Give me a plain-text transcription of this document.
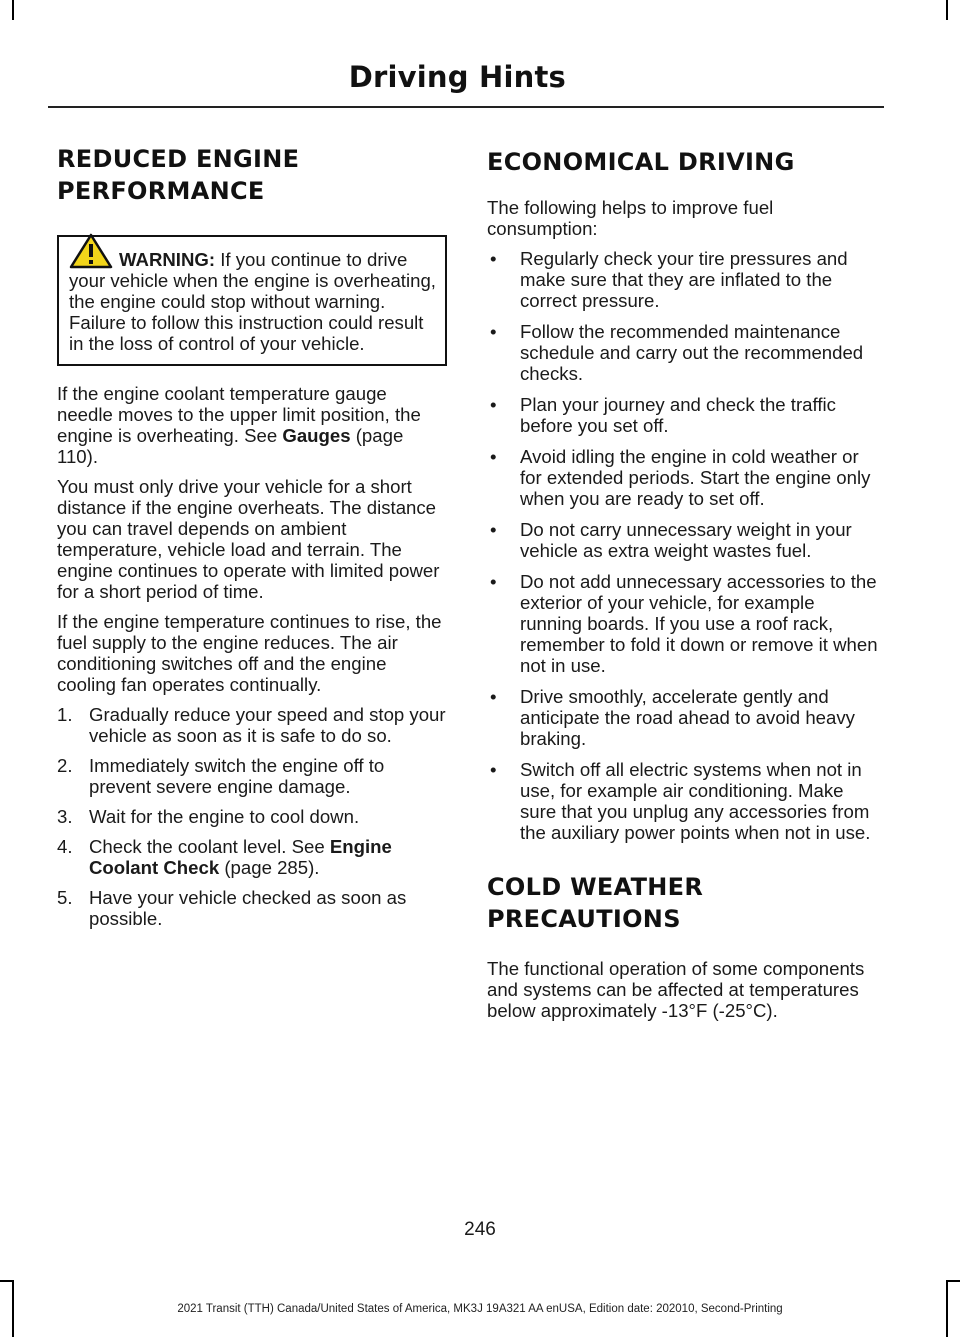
Driving Hints
REDUCED ENGINE
PERFORMANCE
WARNING: If you continue to drive your vehicle when the engine is overheating, the engine could stop without warning. Failure to follow this instruction could result in the loss of control of your vehicle.

If the engine coolant temperature gauge needle moves to the upper limit position, the engine is overheating. See Gauges (page 110).

You must only drive your vehicle for a short distance if the engine overheats. The distance you can travel depends on ambient temperature, vehicle load and terrain. The engine continues to operate with limited power for a short period of time.

If the engine temperature continues to rise, the fuel supply to the engine reduces. The air conditioning switches off and the engine cooling fan operates continually.

1. Gradually reduce your speed and stop your vehicle as soon as it is safe to do so.
2. Immediately switch the engine off to prevent severe engine damage.
3. Wait for the engine to cool down.
4. Check the coolant level. See Engine Coolant Check (page 285).
5. Have your vehicle checked as soon as possible.
ECONOMICAL DRIVING

The following helps to improve fuel consumption:

• Regularly check your tire pressures and make sure that they are inflated to the correct pressure.
• Follow the recommended maintenance schedule and carry out the recommended checks.
• Plan your journey and check the traffic before you set off.
• Avoid idling the engine in cold weather or for extended periods. Start the engine only when you are ready to set off.
• Do not carry unnecessary weight in your vehicle as extra weight wastes fuel.
• Do not add unnecessary accessories to the exterior of your vehicle, for example running boards. If you use a roof rack, remember to fold it down or remove it when not in use.
• Drive smoothly, accelerate gently and anticipate the road ahead to avoid heavy braking.
• Switch off all electric systems when not in use, for example air conditioning. Make sure that you unplug any accessories from the auxiliary power points when not in use.
COLD WEATHER
PRECAUTIONS

The functional operation of some components and systems can be affected at temperatures below approximately -13°F (-25°C).

246
2021 Transit (TTH) Canada/United States of America, MK3J 19A321 AA enUSA, Edition date: 202010, Second-Printing
